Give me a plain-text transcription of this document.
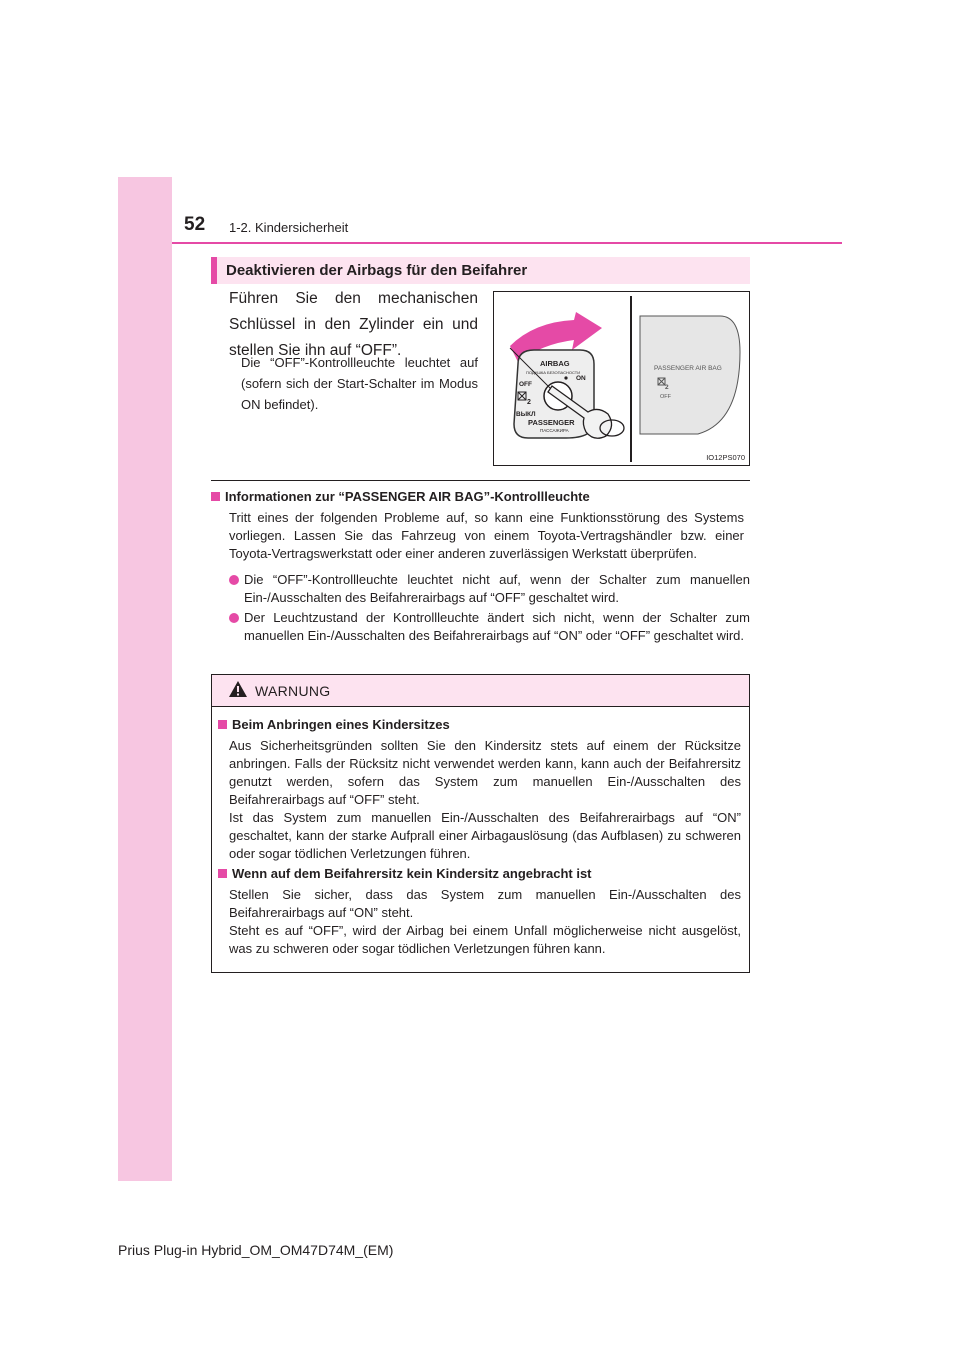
52 1-2. Kindersicherheit
Deaktivieren der Airbags für den Beifahrer
Führen Sie den mechanischen Schlüssel in den Zylinder ein und stellen Sie ihn auf “OFF”.
Die “OFF”-Kontrollleuchte leuchtet auf (sofern sich der Start-Schalter im Modus ON befindet).
AIRBAG
ПОДУШКА БЕЗОПАСНОСТИ
OFF
ON
2
ВЫКЛ
PASSENGER
ПАССАЖИРА
PASSENGER AIR BAG
2
OFF
IO12PS070
Informationen zur “PASSENGER AIR BAG”-Kontrollleuchte
Tritt eines der folgenden Probleme auf, so kann eine Funktionsstörung des Systems vorliegen. Lassen Sie das Fahrzeug von einem Toyota-Vertragshändler bzw. einer Toyota-Vertragswerkstatt oder einer anderen zuverlässigen Werkstatt überprüfen.
Die “OFF”-Kontrollleuchte leuchtet nicht auf, wenn der Schalter zum manuellen Ein-/Ausschalten des Beifahrerairbags auf “OFF” geschaltet wird.
Der Leuchtzustand der Kontrollleuchte ändert sich nicht, wenn der Schalter zum manuellen Ein-/Ausschalten des Beifahrerairbags auf “ON” oder “OFF” geschaltet wird.
WARNUNG
Beim Anbringen eines Kindersitzes

Aus Sicherheitsgründen sollten Sie den Kindersitz stets auf einem der Rücksitze anbringen. Falls der Rücksitz nicht verwendet werden kann, kann auch der Beifahrersitz genutzt werden, sofern das System zum manuellen Ein-/Ausschalten des Beifahrerairbags auf “OFF” steht.

Ist das System zum manuellen Ein-/Ausschalten des Beifahrerairbags auf “ON” geschaltet, kann der starke Aufprall einer Airbagauslösung (das Aufblasen) zu schweren oder sogar tödlichen Verletzungen führen.

Wenn auf dem Beifahrersitz kein Kindersitz angebracht ist

Stellen Sie sicher, dass das System zum manuellen Ein-/Ausschalten des Beifahrerairbags auf “ON” steht.

Steht es auf “OFF”, wird der Airbag bei einem Unfall möglicherweise nicht ausgelöst, was zu schweren oder sogar tödlichen Verletzungen führen kann.

Prius Plug-in Hybrid_OM_OM47D74M_(EM)
